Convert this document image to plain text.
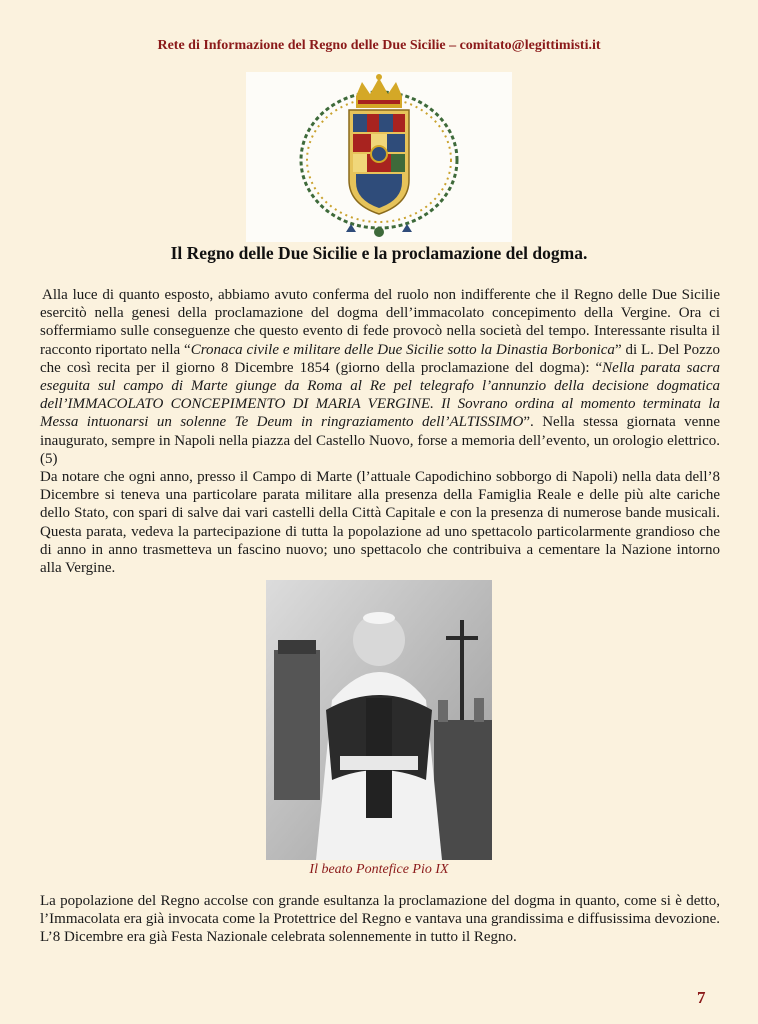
Rete di Informazione del Regno delle Due Sicilie – comitato@legittimisti.it
Il Regno delle Due Sicilie e la proclamazione del dogma.

Alla luce di quanto esposto, abbiamo avuto conferma del ruolo non indifferente che il Regno delle Due Sicilie esercitò nella genesi della proclamazione del dogma dell’immacolato concepimento della Vergine. Ora ci soffermiamo sulle conseguenze che questo evento di fede provocò nella società del tempo. Interessante risulta il racconto riportato nella “Cronaca civile e militare delle Due Sicilie sotto la Dinastia Borbonica” di L. Del Pozzo che così recita per il giorno 8 Dicembre 1854 (giorno della proclamazione del dogma): “Nella parata sacra eseguita sul campo di Marte giunge da Roma al Re pel telegrafo l’annunzio della decisione dogmatica dell’IMMACOLATO CONCEPIMENTO DI MARIA VERGINE. Il Sovrano ordina al momento terminata la Messa intuonarsi un solenne Te Deum in ringraziamento dell’ALTISSIMO”. Nella stessa giornata venne inaugurato, sempre in Napoli nella piazza del Castello Nuovo, forse a memoria dell’evento, un orologio elettrico. (5)

Da notare che ogni anno, presso il Campo di Marte (l’attuale Capodichino sobborgo di Napoli) nella data dell’8 Dicembre si teneva una particolare parata militare alla presenza della Famiglia Reale e delle più alte cariche dello Stato, con spari di salve dai vari castelli della Città Capitale e con la presenza di numerose bande musicali. Questa parata, vedeva la partecipazione di tutta la popolazione ad uno spettacolo particolarmente grandioso che di anno in anno trasmetteva un fascino nuovo; uno spettacolo che contribuiva a cementare la Nazione intorno alla Vergine.

Il beato Pontefice Pio IX

La popolazione del Regno accolse con grande esultanza la proclamazione del dogma in quanto, come si è detto, l’Immacolata era già invocata come la Protettrice del Regno e vantava una grandissima e diffusissima devozione. L’8 Dicembre era già Festa Nazionale celebrata solennemente in tutto il Regno.

7
